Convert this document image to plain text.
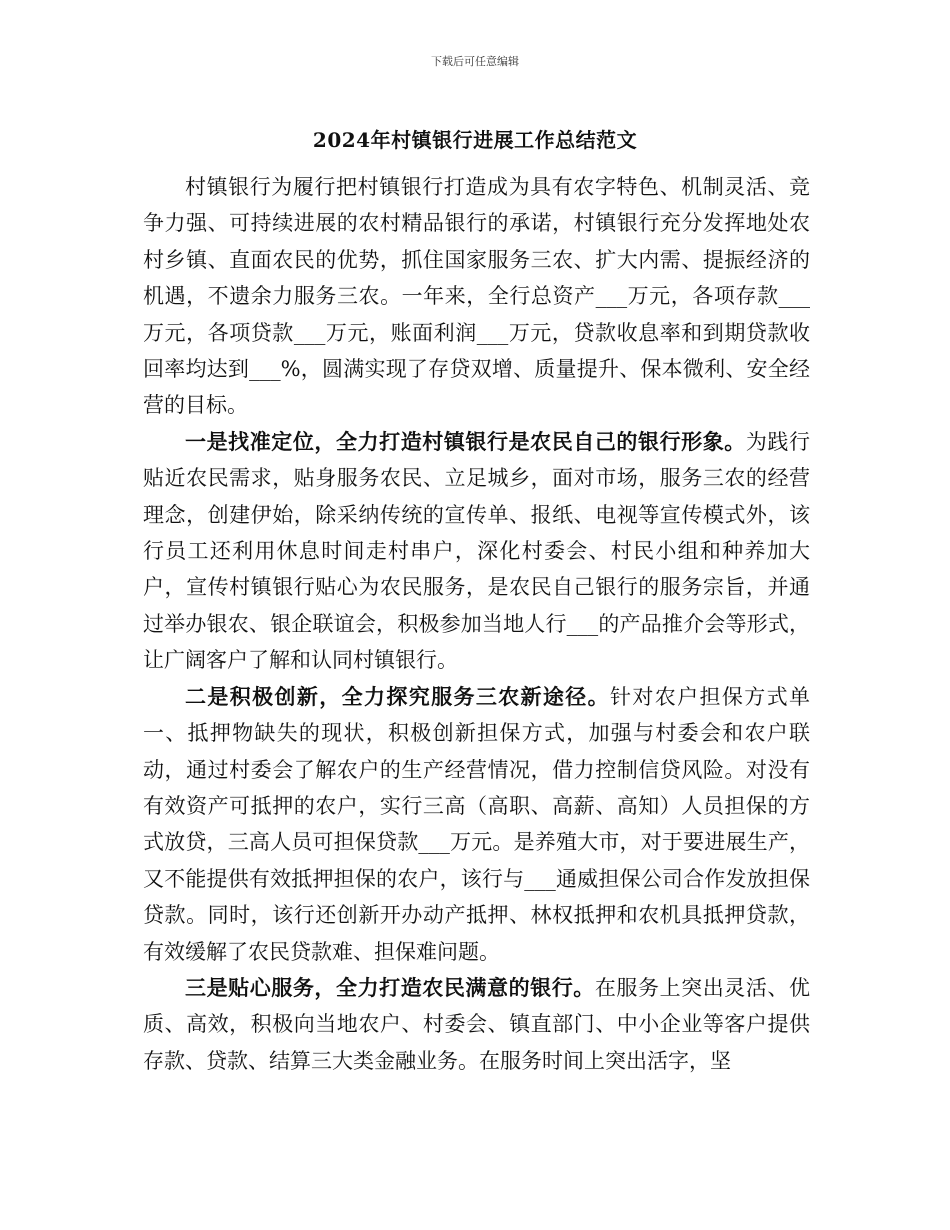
下载后可任意编辑
2024年村镇银行进展工作总结范文

村镇银行为履行把村镇银行打造成为具有农字特色、机制灵活、竞争力强、可持续进展的农村精品银行的承诺，村镇银行充分发挥地处农村乡镇、直面农民的优势，抓住国家服务三农、扩大内需、提振经济的机遇，不遗余力服务三农。一年来，全行总资产___万元，各项存款___万元，各项贷款___万元，账面利润___万元，贷款收息率和到期贷款收回率均达到___%，圆满实现了存贷双增、质量提升、保本微利、安全经营的目标。

一是找准定位，全力打造村镇银行是农民自己的银行形象。为践行贴近农民需求，贴身服务农民、立足城乡，面对市场，服务三农的经营理念，创建伊始，除采纳传统的宣传单、报纸、电视等宣传模式外，该行员工还利用休息时间走村串户，深化村委会、村民小组和种养加大户，宣传村镇银行贴心为农民服务，是农民自己银行的服务宗旨，并通过举办银农、银企联谊会，积极参加当地人行___的产品推介会等形式，让广阔客户了解和认同村镇银行。

二是积极创新，全力探究服务三农新途径。针对农户担保方式单一、抵押物缺失的现状，积极创新担保方式，加强与村委会和农户联动，通过村委会了解农户的生产经营情况，借力控制信贷风险。对没有有效资产可抵押的农户，实行三高（高职、高薪、高知）人员担保的方式放贷，三高人员可担保贷款___万元。是养殖大市，对于要进展生产，又不能提供有效抵押担保的农户，该行与___通威担保公司合作发放担保贷款。同时，该行还创新开办动产抵押、林权抵押和农机具抵押贷款，有效缓解了农民贷款难、担保难问题。

三是贴心服务，全力打造农民满意的银行。在服务上突出灵活、优质、高效，积极向当地农户、村委会、镇直部门、中小企业等客户提供存款、贷款、结算三大类金融业务。在服务时间上突出活字，坚
